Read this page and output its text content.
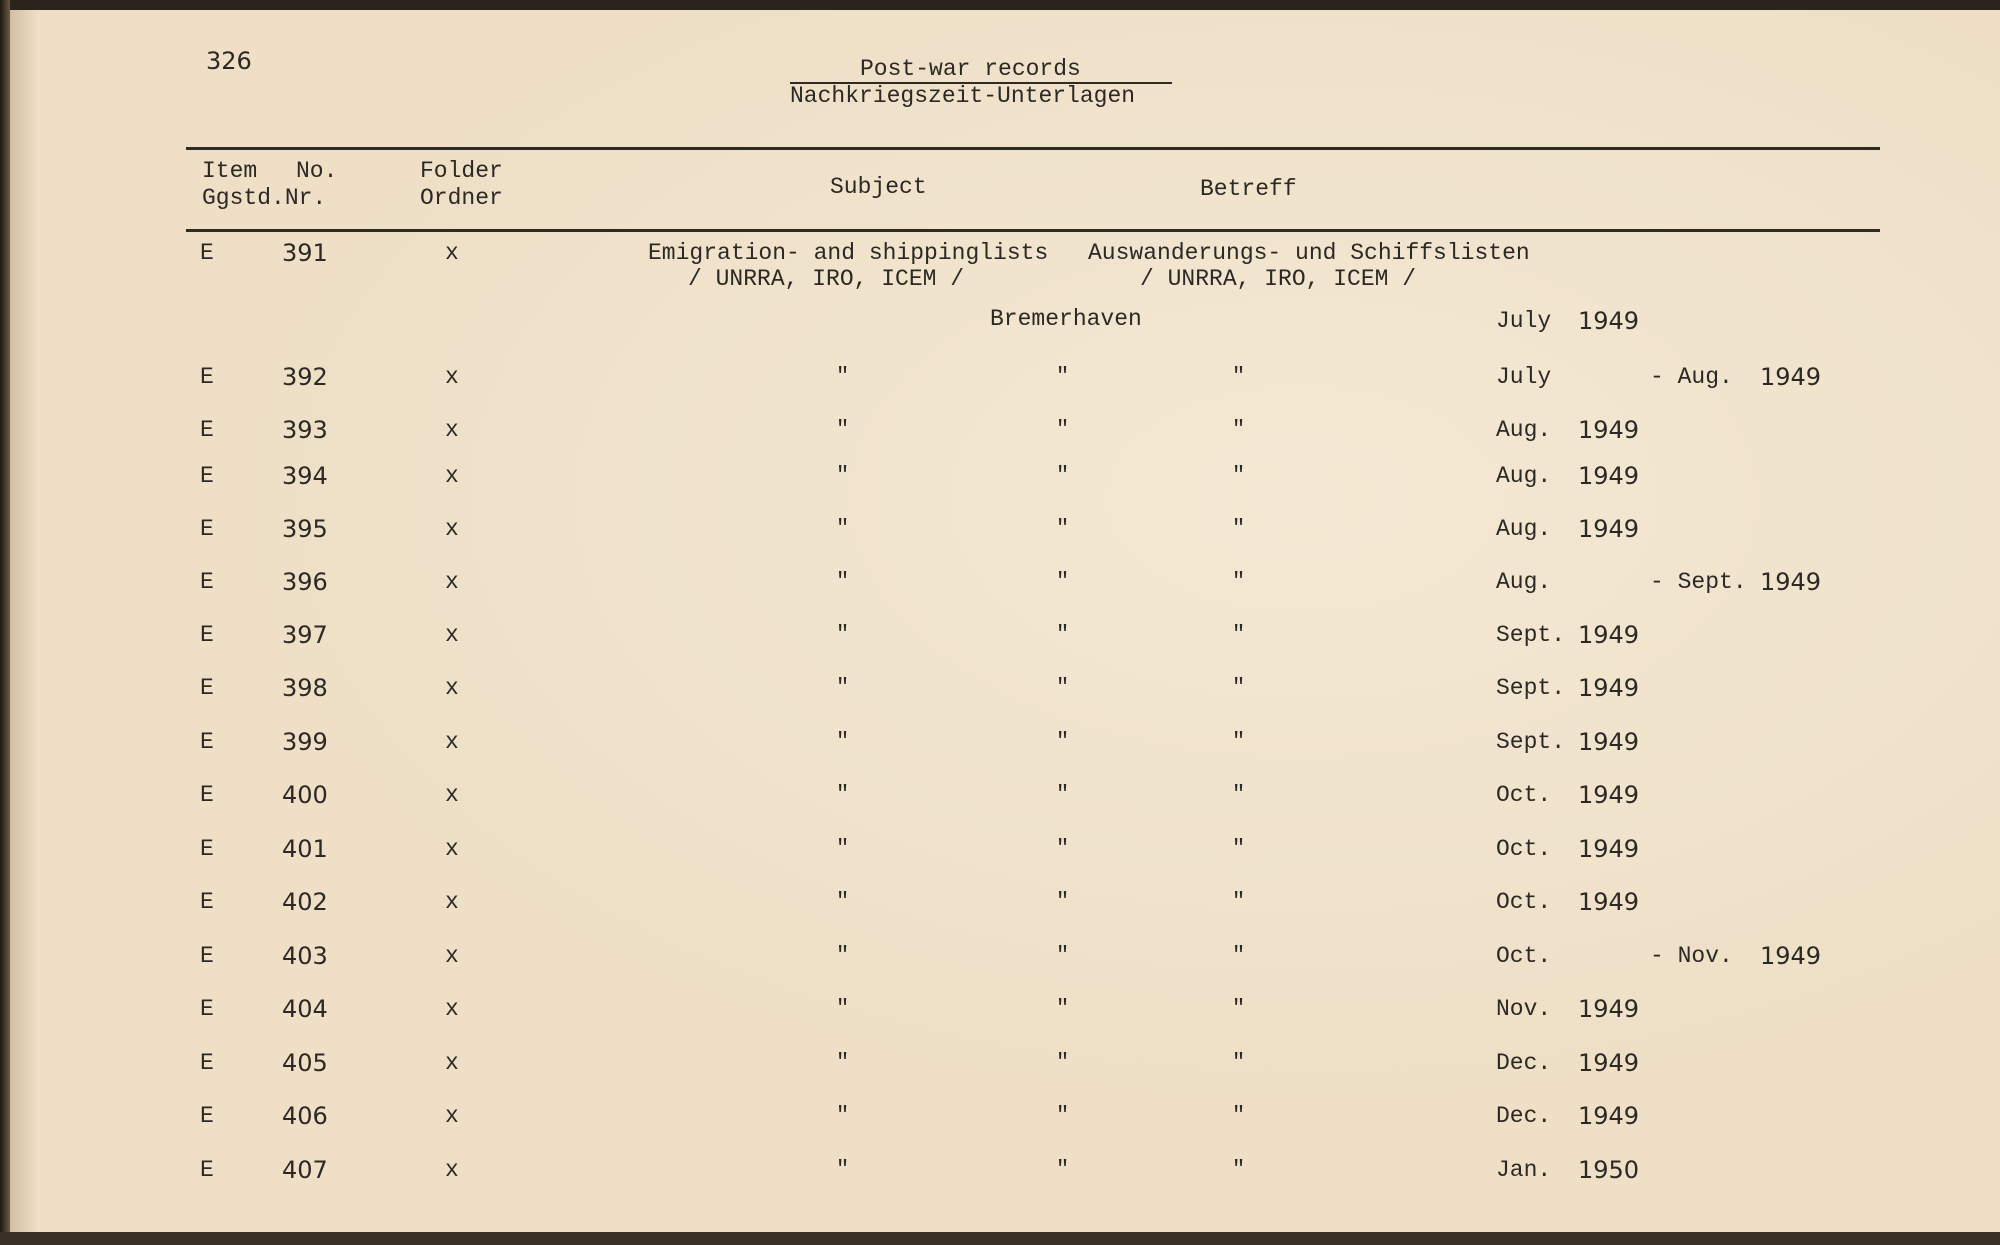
326	Post-war records
Nachkriegszeit-Unterlagen
Item No.
Ggstd.Nr.
Folder
Ordner	Subject	Betreff
E	391	x	Emigration- and shippinglists
/ UNRRA, IRO, ICEM /
Auswanderungs- und Schiffslisten
/ UNRRA, IRO, ICEM /
Bremerhaven	July 1949
E	392	x	"	"	"	July	- Aug. 1949
E	393	x	"	"	"	Aug. 1949
E	394	x	"	"	"	Aug. 1949
E	395	x	"	"	"	Aug. 1949
E	396	x	"	"	"	Aug.	- Sept. 1949
E	397	x	"	"	"	Sept. 1949
E	398	x	"	"	"	Sept. 1949
E	399	x	"	"	"	Sept. 1949
E	400	x	"	"	"	Oct. 1949
E	401	x	"	"	"	Oct. 1949
E	402	x	"	"	"	Oct. 1949
E	403	x	"	"	"	Oct.	- Nov. 1949
E	404	x	"	"	"	Nov. 1949
E	405	x	"	"	"	Dec. 1949
E	406	x	"	"	"	Dec. 1949
E	407	x	"	"	"	Jan. 1950
